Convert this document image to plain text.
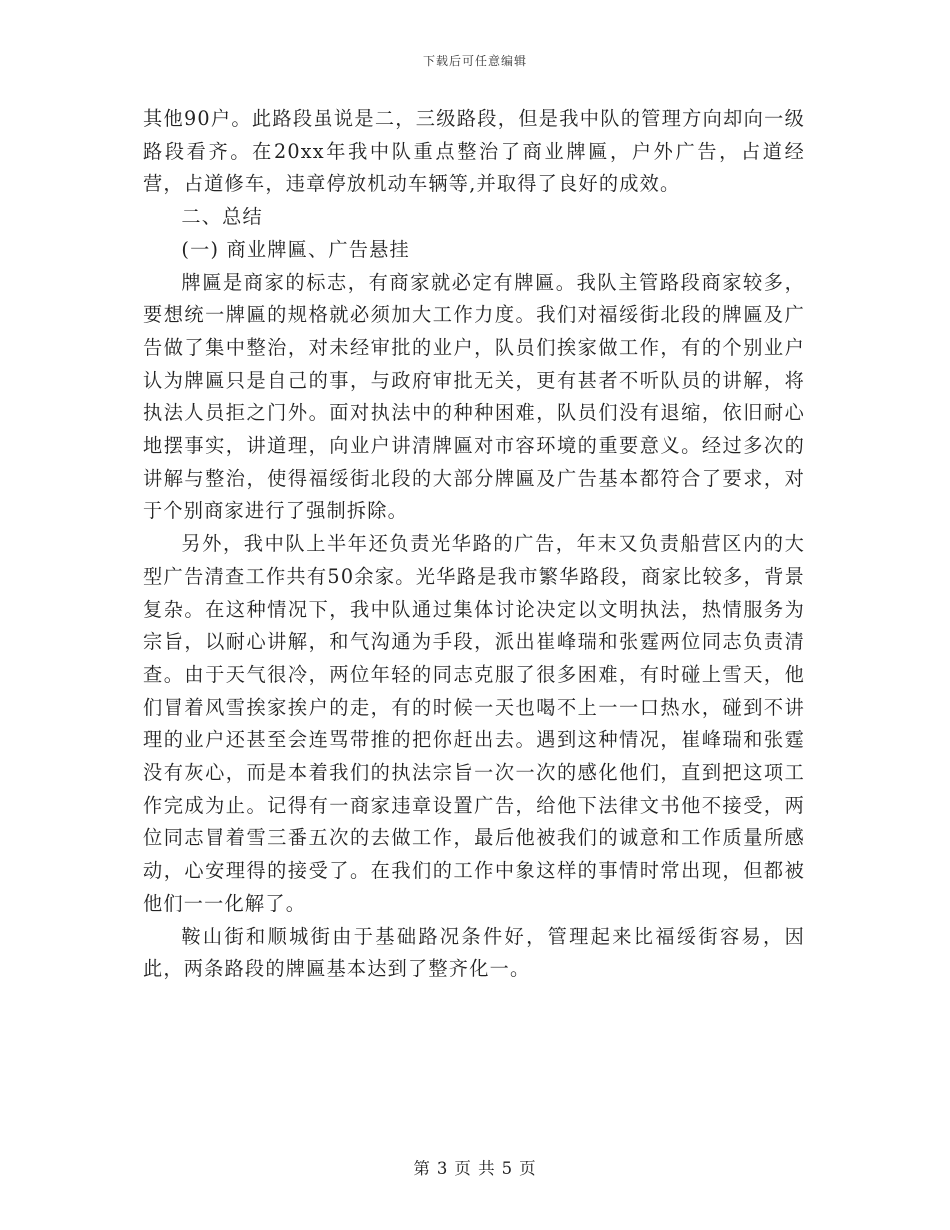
下载后可任意编辑

其他90户。此路段虽说是二，三级路段，但是我中队的管理方向却向一级路段看齐。在20xx年我中队重点整治了商业牌匾，户外广告，占道经营，占道修车，违章停放机动车辆等,并取得了良好的成效。

二、总结

(一) 商业牌匾、广告悬挂

牌匾是商家的标志，有商家就必定有牌匾。我队主管路段商家较多，要想统一牌匾的规格就必须加大工作力度。我们对福绥街北段的牌匾及广告做了集中整治，对未经审批的业户，队员们挨家做工作，有的个别业户认为牌匾只是自己的事，与政府审批无关，更有甚者不听队员的讲解，将执法人员拒之门外。面对执法中的种种困难，队员们没有退缩，依旧耐心地摆事实，讲道理，向业户讲清牌匾对市容环境的重要意义。经过多次的讲解与整治，使得福绥街北段的大部分牌匾及广告基本都符合了要求，对于个别商家进行了强制拆除。

另外，我中队上半年还负责光华路的广告，年末又负责船营区内的大型广告清查工作共有50余家。光华路是我市繁华路段，商家比较多，背景复杂。在这种情况下，我中队通过集体讨论决定以文明执法，热情服务为宗旨，以耐心讲解，和气沟通为手段，派出崔峰瑞和张霆两位同志负责清查。由于天气很冷，两位年轻的同志克服了很多困难，有时碰上雪天，他们冒着风雪挨家挨户的走，有的时候一天也喝不上一一口热水，碰到不讲理的业户还甚至会连骂带推的把你赶出去。遇到这种情况，崔峰瑞和张霆没有灰心，而是本着我们的执法宗旨一次一次的感化他们，直到把这项工作完成为止。记得有一商家违章设置广告，给他下法律文书他不接受，两位同志冒着雪三番五次的去做工作，最后他被我们的诚意和工作质量所感动，心安理得的接受了。在我们的工作中象这样的事情时常出现，但都被他们一一化解了。

鞍山街和顺城街由于基础路况条件好，管理起来比福绥街容易，因此，两条路段的牌匾基本达到了整齐化一。

第 3 页 共 5 页
